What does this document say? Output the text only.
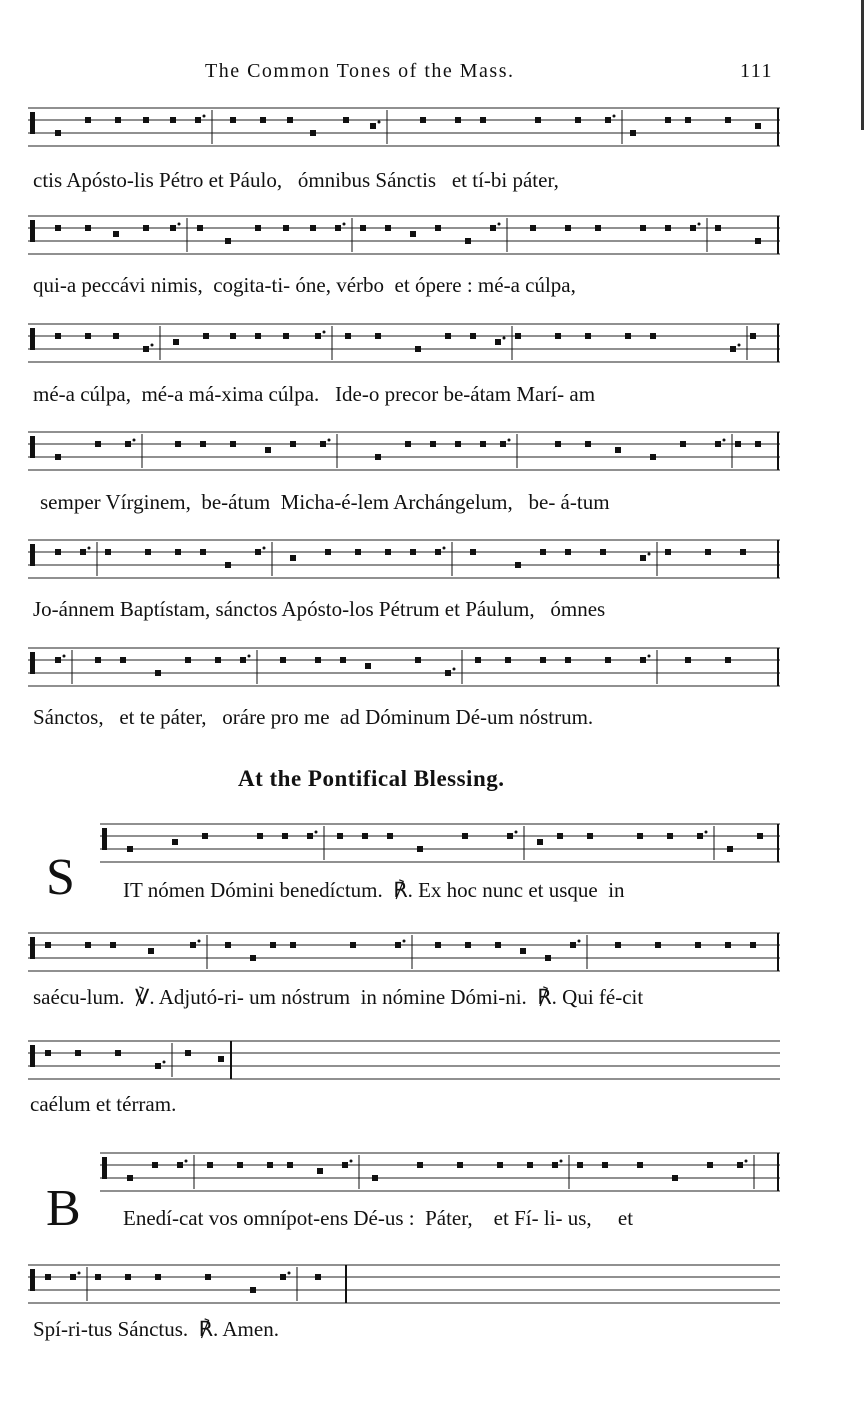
The Common Tones of the Mass.	111
ctis Apósto-lis Pétro et Páulo,   ómnibus Sánctis   et tí-bi páter,
qui-a peccávi nimis,  cogita-ti- óne, vérbo  et ópere : mé-a cúlpa,
mé-a cúlpa,  mé-a má-xima cúlpa.   Ide-o precor be-átam Marí- am
semper Vírginem,  be-átum  Micha-é-lem Archángelum,   be- á-tum
Jo-ánnem Baptístam, sánctos Apósto-los Pétrum et Páulum,   ómnes
Sánctos,   et te páter,   oráre pro me  ad Dóminum Dé-um nóstrum.
At the Pontifical Blessing.
S IT nómen Dómini benedíctum.  ℟. Ex hoc nunc et usque  in
saécu-lum.  ℣. Adjutó-ri- um nóstrum  in nómine Dómi-ni.  ℟. Qui fé-cit
caélum et térram.
B Enedí-cat vos omnípot-ens Dé-us :  Páter,    et Fí- li- us,     et
Spí-ri-tus Sánctus.  ℟. Amen.
